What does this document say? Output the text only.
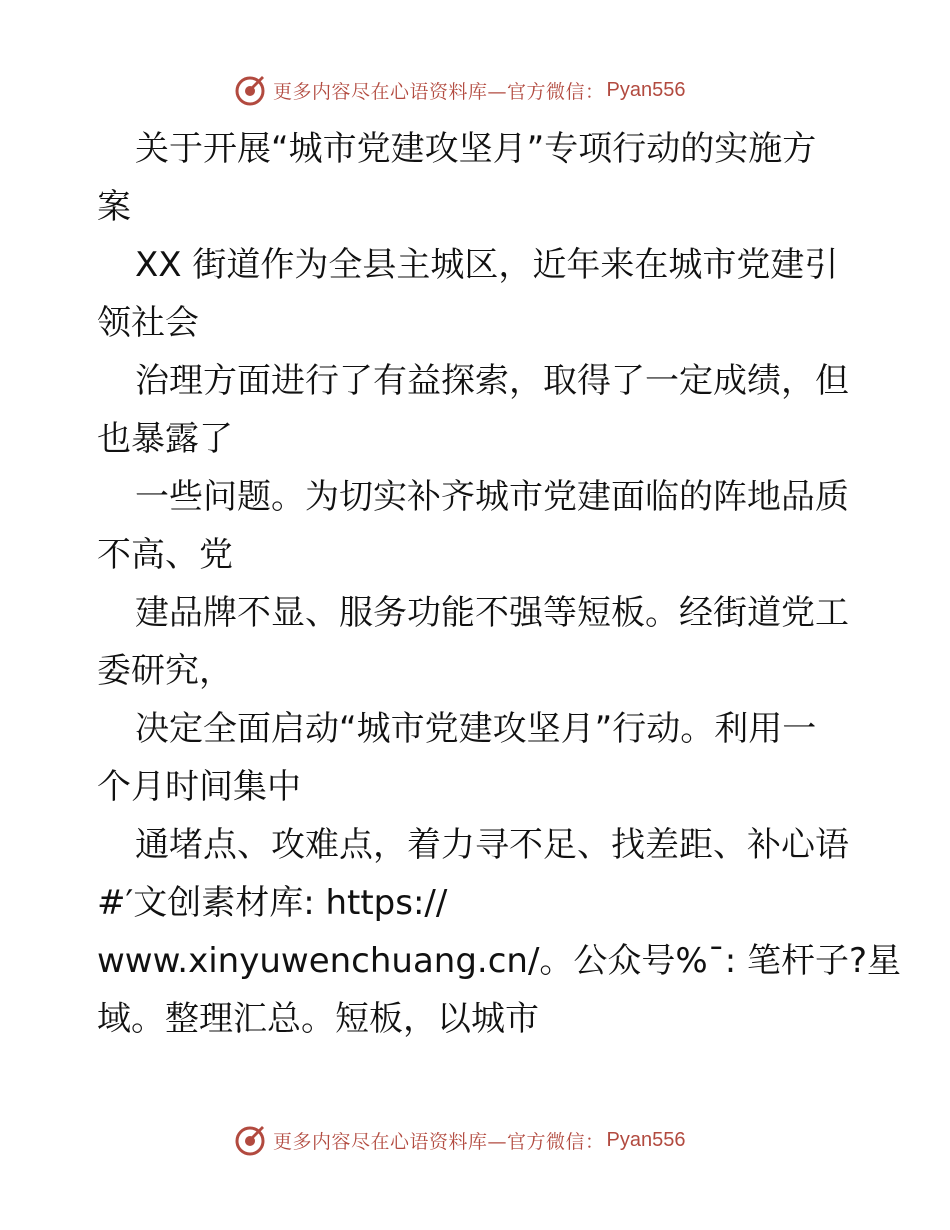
更多内容尽在心语资料库—官方微信： Pyan556
关于开展“城市党建攻坚月”专项行动的实施方
案
XX 街道作为全县主城区，近年来在城市党建引
领社会
治理方面进行了有益探索，取得了一定成绩，但
也暴露了
一些问题。为切实补齐城市党建面临的阵地品质
不高、党
建品牌不显、服务功能不强等短板。经街道党工
委研究，
决定全面启动“城市党建攻坚月”行动。利用一
个月时间集中
通堵点、攻难点，着力寻不足、找差距、补心语
#′文创素材库: https://
www.xinyuwenchuang.cn/。公众号%¯: 笔杆子?星
域。整理汇总。短板，以城市
更多内容尽在心语资料库—官方微信： Pyan556
